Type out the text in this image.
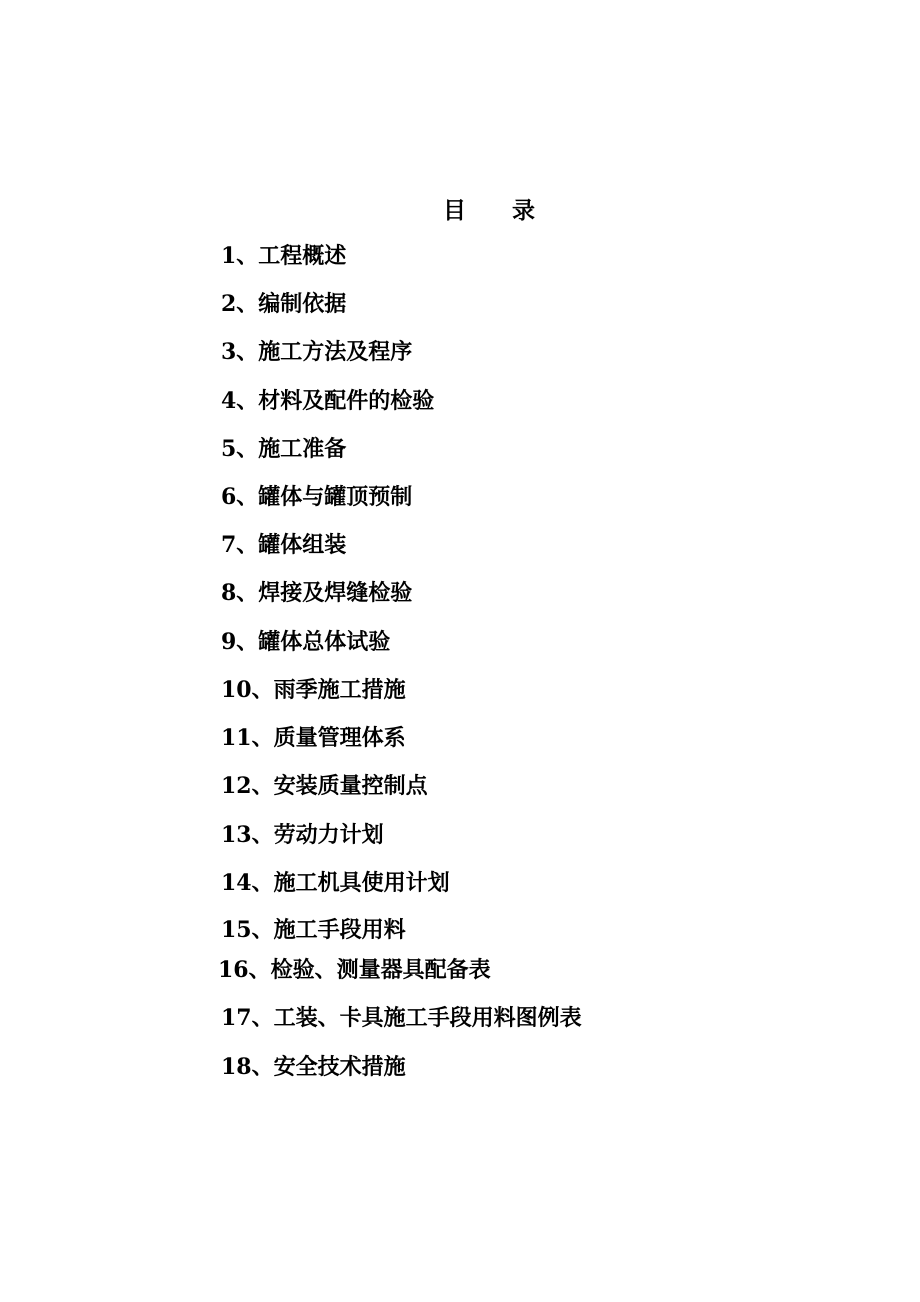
目 录
1、工程概述
2、编制依据
3、施工方法及程序
4、材料及配件的检验
5、施工准备
6、罐体与罐顶预制
7、罐体组装
8、焊接及焊缝检验
9、罐体总体试验
10、雨季施工措施
11、质量管理体系
12、安装质量控制点
13、劳动力计划
14、施工机具使用计划
15、施工手段用料
16、检验、测量器具配备表
17、工装、卡具施工手段用料图例表
18、安全技术措施
